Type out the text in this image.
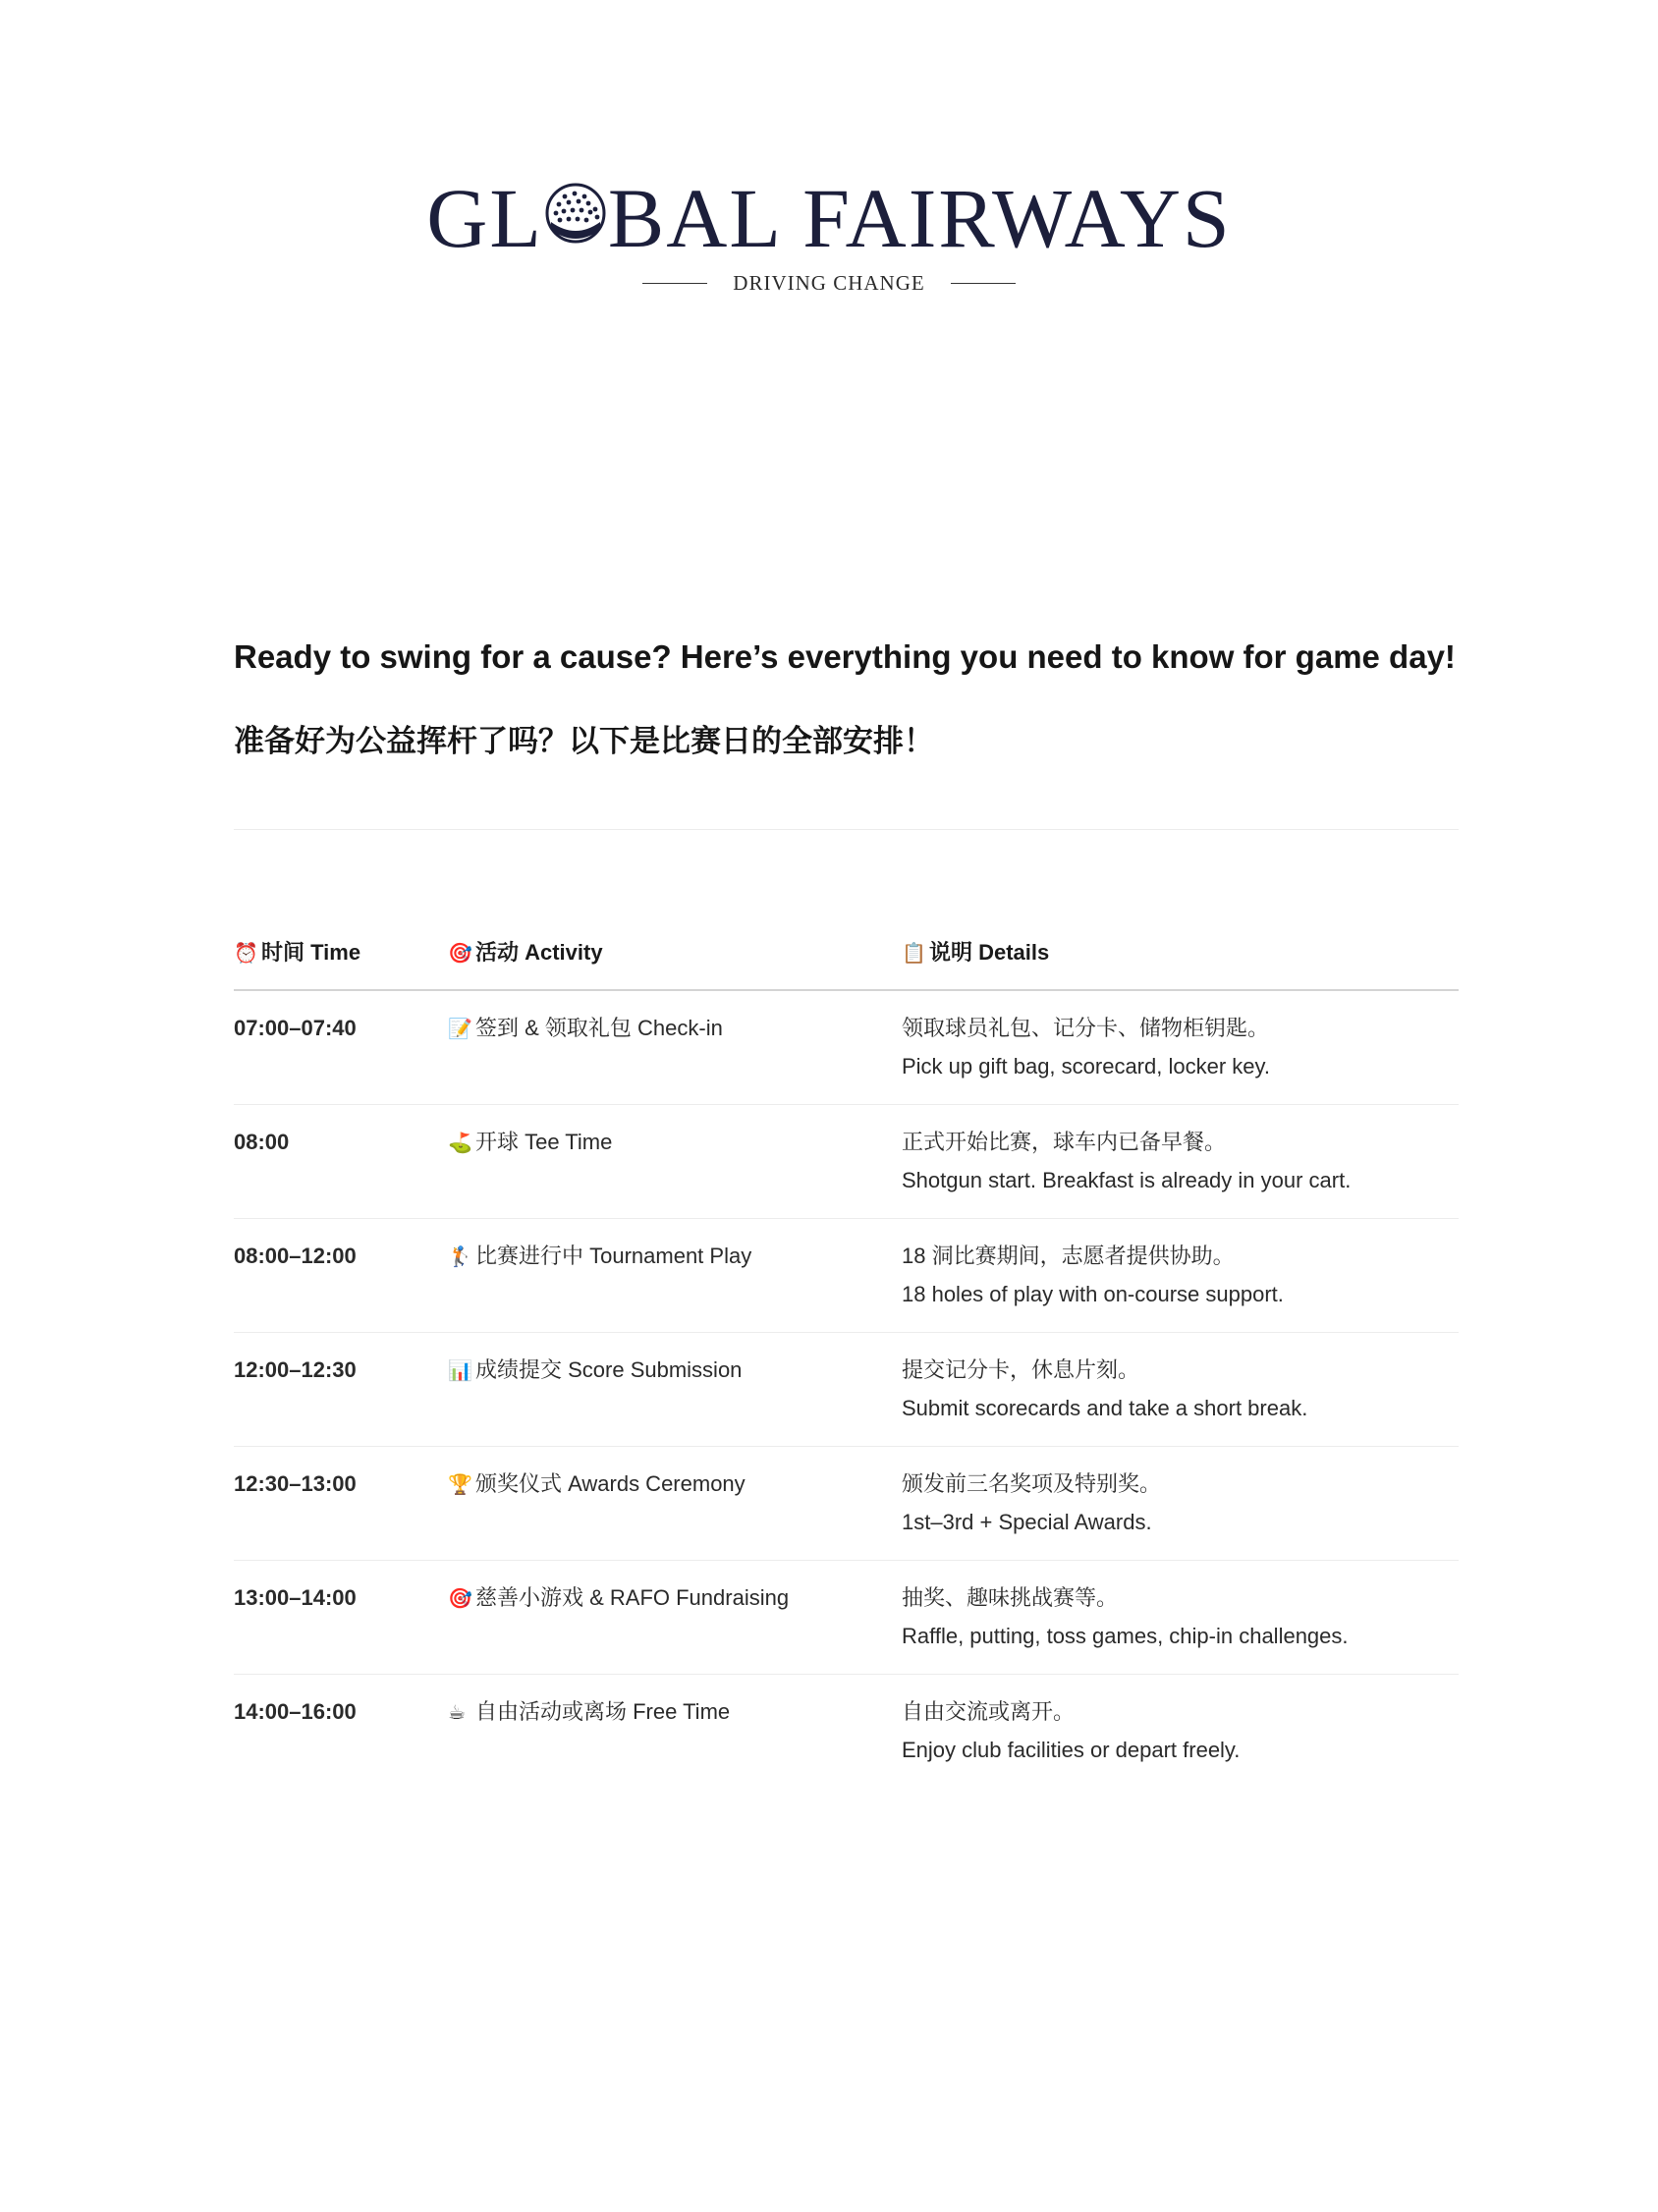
GL BAL FAIRWAYS
DRIVING CHANGE
Ready to swing for a cause? Here’s everything you need to know for game day!
准备好为公益挥杆了吗？以下是比赛日的全部安排！
⏰ 时间 Time	🎯 活动 Activity	📋 说明 Details
07:00–07:40	📝 签到 & 领取礼包 Check-in	领取球员礼包、记分卡、储物柜钥匙。
Pick up gift bag, scorecard, locker key.

08:00	⛳ 开球 Tee Time	正式开始比赛，球车内已备早餐。
Shotgun start. Breakfast is already in your cart.

08:00–12:00	🏌 比赛进行中 Tournament Play	18 洞比赛期间，志愿者提供协助。
18 holes of play with on-course support.

12:00–12:30	📊 成绩提交 Score Submission	提交记分卡，休息片刻。
Submit scorecards and take a short break.

12:30–13:00	🏆 颁奖仪式 Awards Ceremony	颁发前三名奖项及特别奖。
1st–3rd + Special Awards.

13:00–14:00	🎯 慈善小游戏 & RAFO Fundraising	抽奖、趣味挑战赛等。
Raffle, putting, toss games, chip-in challenges.

14:00–16:00	☕ 自由活动或离场 Free Time	自由交流或离开。
Enjoy club facilities or depart freely.
